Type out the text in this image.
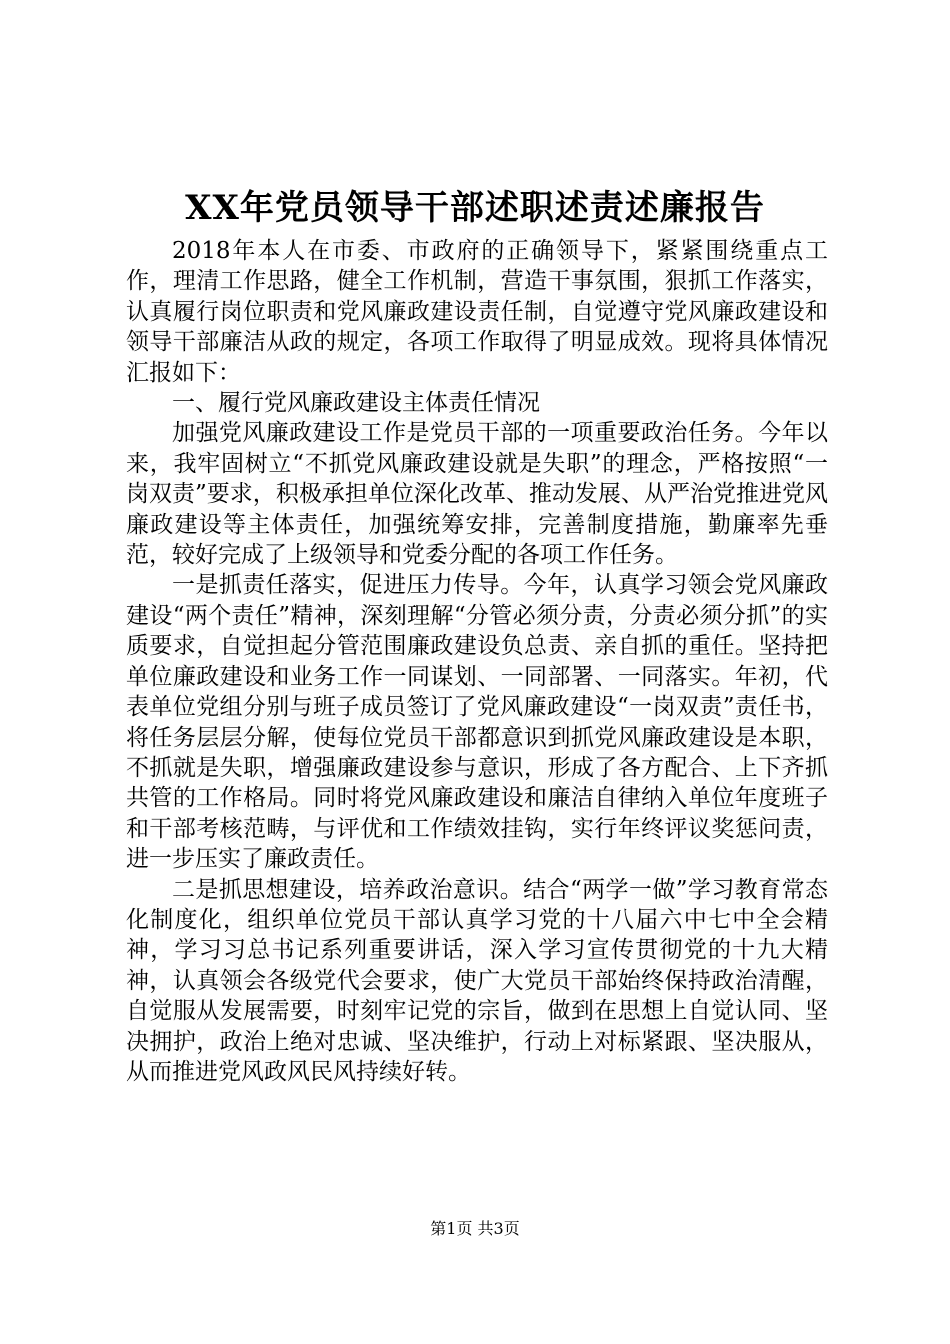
XX年党员领导干部述职述责述廉报告

2018年本人在市委、市政府的正确领导下，紧紧围绕重点工作，理清工作思路，健全工作机制，营造干事氛围，狠抓工作落实，认真履行岗位职责和党风廉政建设责任制，自觉遵守党风廉政建设和领导干部廉洁从政的规定，各项工作取得了明显成效。现将具体情况汇报如下：

一、履行党风廉政建设主体责任情况

加强党风廉政建设工作是党员干部的一项重要政治任务。今年以来，我牢固树立“不抓党风廉政建设就是失职”的理念，严格按照“一岗双责”要求，积极承担单位深化改革、推动发展、从严治党推进党风廉政建设等主体责任，加强统筹安排，完善制度措施，勤廉率先垂范，较好完成了上级领导和党委分配的各项工作任务。

一是抓责任落实，促进压力传导。今年，认真学习领会党风廉政建设“两个责任”精神，深刻理解“分管必须分责，分责必须分抓”的实质要求，自觉担起分管范围廉政建设负总责、亲自抓的重任。坚持把单位廉政建设和业务工作一同谋划、一同部署、一同落实。年初，代表单位党组分别与班子成员签订了党风廉政建设“一岗双责”责任书，将任务层层分解，使每位党员干部都意识到抓党风廉政建设是本职，不抓就是失职，增强廉政建设参与意识，形成了各方配合、上下齐抓共管的工作格局。同时将党风廉政建设和廉洁自律纳入单位年度班子和干部考核范畴，与评优和工作绩效挂钩，实行年终评议奖惩问责，进一步压实了廉政责任。

二是抓思想建设，培养政治意识。结合“两学一做”学习教育常态化制度化，组织单位党员干部认真学习党的十八届六中七中全会精神，学习习总书记系列重要讲话，深入学习宣传贯彻党的十九大精神，认真领会各级党代会要求，使广大党员干部始终保持政治清醒，自觉服从发展需要，时刻牢记党的宗旨，做到在思想上自觉认同、坚决拥护，政治上绝对忠诚、坚决维护，行动上对标紧跟、坚决服从，从而推进党风政风民风持续好转。

第1页 共3页
